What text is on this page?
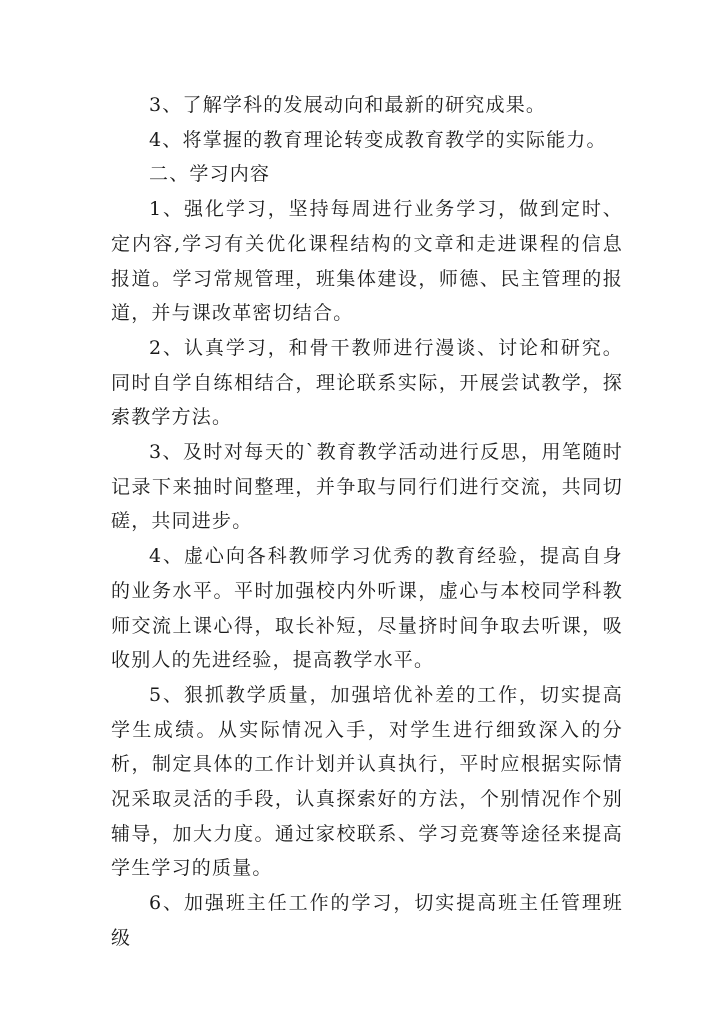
3、了解学科的发展动向和最新的研究成果。

4、将掌握的教育理论转变成教育教学的实际能力。

二、学习内容

1、强化学习，坚持每周进行业务学习，做到定时、定内容,学习有关优化课程结构的文章和走进课程的信息报道。学习常规管理，班集体建设，师德、民主管理的报道，并与课改革密切结合。

2、认真学习，和骨干教师进行漫谈、讨论和研究。同时自学自练相结合，理论联系实际，开展尝试教学，探索教学方法。

3、及时对每天的`教育教学活动进行反思，用笔随时记录下来抽时间整理，并争取与同行们进行交流，共同切磋，共同进步。

4、虚心向各科教师学习优秀的教育经验，提高自身的业务水平。平时加强校内外听课，虚心与本校同学科教师交流上课心得，取长补短，尽量挤时间争取去听课，吸收别人的先进经验，提高教学水平。

5、狠抓教学质量，加强培优补差的工作，切实提高学生成绩。从实际情况入手，对学生进行细致深入的分析，制定具体的工作计划并认真执行，平时应根据实际情况采取灵活的手段，认真探索好的方法，个别情况作个别辅导，加大力度。通过家校联系、学习竞赛等途径来提高学生学习的质量。

6、加强班主任工作的学习，切实提高班主任管理班级
